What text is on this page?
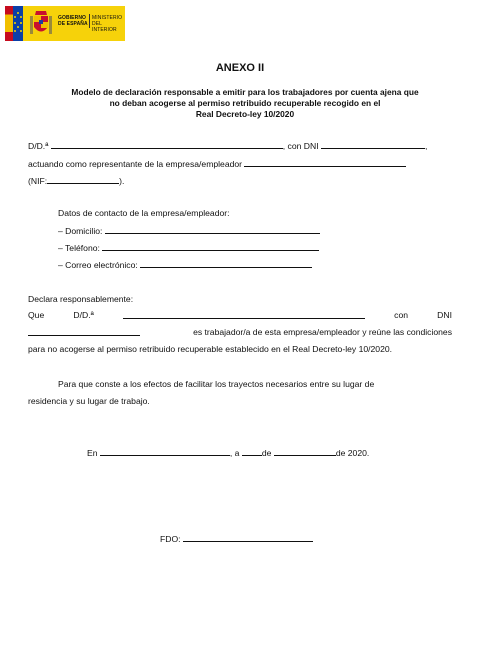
GOBIERNO
DE ESPAÑA
MINISTERIO
DEL INTERIOR
ANEXO II
Modelo de declaración responsable a emitir para los trabajadores por cuenta ajena que
no deban acogerse al permiso retribuido recuperable recogido en el
Real Decreto-ley 10/2020
D/D.ª	, con DNI	,
actuando como representante de la empresa/empleador
(NIF:	).
Datos de contacto de la empresa/empleador:
– Domicilio:
– Teléfono:
– Correo electrónico:
Declara responsablemente:
Que	D/D.ª	con	DNI
es trabajador/a de esta empresa/empleador y reúne las condiciones
para no acogerse al permiso retribuido recuperable establecido en el Real Decreto-ley 10/2020.
Para que conste a los efectos de facilitar los trayectos necesarios entre su lugar de
residencia y su lugar de trabajo.
En	, a	de	de 2020.
FDO:
